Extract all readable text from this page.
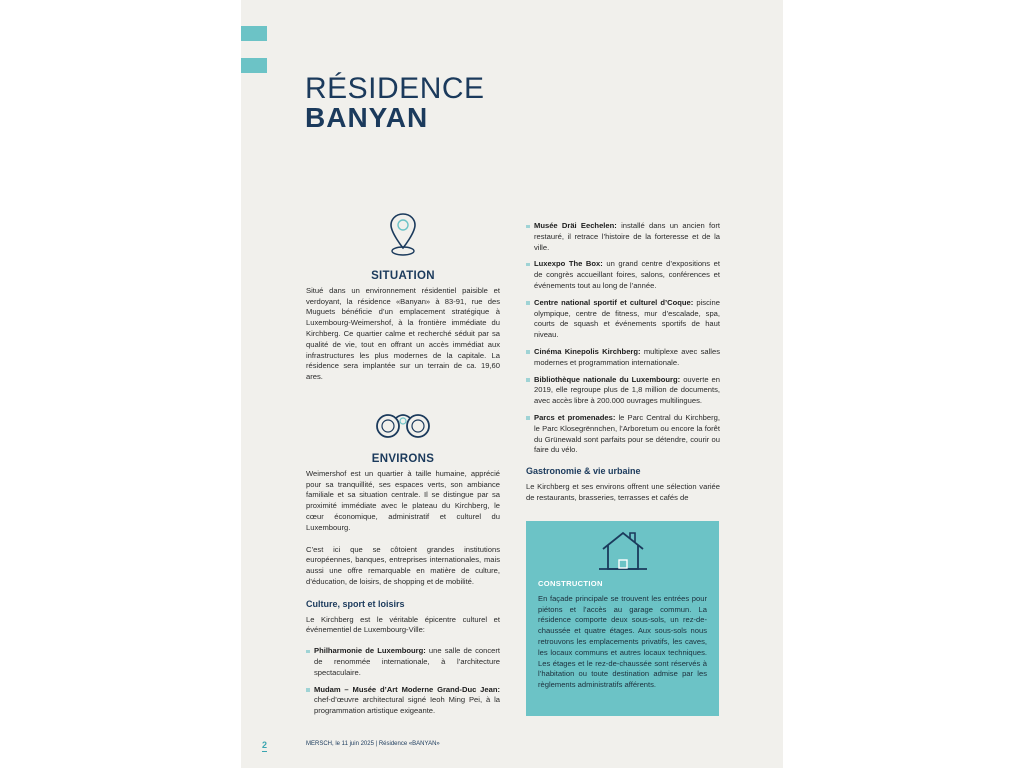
RÉSIDENCE
BANYAN

SITUATION

Situé dans un environnement résidentiel paisible et verdoyant, la résidence «Banyan» à 83-91, rue des Muguets bénéficie d’un emplacement stratégique à Luxembourg-Weimershof, à la frontière immédiate du Kirchberg. Ce quartier calme et recherché séduit par sa qualité de vie, tout en offrant un accès immédiat aux infrastructures les plus modernes de la capitale. La résidence sera implantée sur un terrain de ca. 19,60 ares.

ENVIRONS

Weimershof est un quartier à taille humaine, apprécié pour sa tranquillité, ses espaces verts, son ambiance familiale et sa situation centrale. Il se distingue par sa proximité immédiate avec le plateau du Kirchberg, le cœur économique, administratif et culturel du Luxembourg.

C’est ici que se côtoient grandes institutions européennes, banques, entreprises internationales, mais aussi une offre remarquable en matière de culture, d’éducation, de loisirs, de shopping et de mobilité.

Culture, sport et loisirs

Le Kirchberg est le véritable épicentre culturel et événementiel de Luxembourg-Ville:

Philharmonie de Luxembourg: une salle de concert de renommée internationale, à l’architecture spectaculaire.
Mudam – Musée d’Art Moderne Grand-Duc Jean: chef-d’œuvre architectural signé Ieoh Ming Pei, à la programmation artistique exigeante.
Musée Dräi Eechelen: installé dans un ancien fort restauré, il retrace l’histoire de la forteresse et de la ville.
Luxexpo The Box: un grand centre d’expositions et de congrès accueillant foires, salons, conférences et événements tout au long de l’année.
Centre national sportif et culturel d’Coque: piscine olympique, centre de fitness, mur d’escalade, spa, courts de squash et événements sportifs de haut niveau.
Cinéma Kinepolis Kirchberg: multiplexe avec salles modernes et programmation internationale.
Bibliothèque nationale du Luxembourg: ouverte en 2019, elle regroupe plus de 1,8 million de documents, avec accès libre à 200.000 ouvrages multilingues.
Parcs et promenades: le Parc Central du Kirchberg, le Parc Klosegrënnchen, l’Arboretum ou encore la forêt du Grünewald sont parfaits pour se détendre, courir ou faire du vélo.

Gastronomie & vie urbaine

Le Kirchberg et ses environs offrent une sélection variée de restaurants, brasseries, terrasses et cafés de

CONSTRUCTION

En façade principale se trouvent les entrées pour piétons et l’accès au garage commun. La résidence comporte deux sous-sols, un rez-de-chaussée et quatre étages. Aux sous-sols nous retrouvons les emplacements privatifs, les caves, les locaux communs et autres locaux techniques. Les étages et le rez-de-chaussée sont réservés à l’habitation ou toute destination admise par les règlements administratifs afférents.

2	MERSCH, le 11 juin 2025 | Résidence «BANYAN»
